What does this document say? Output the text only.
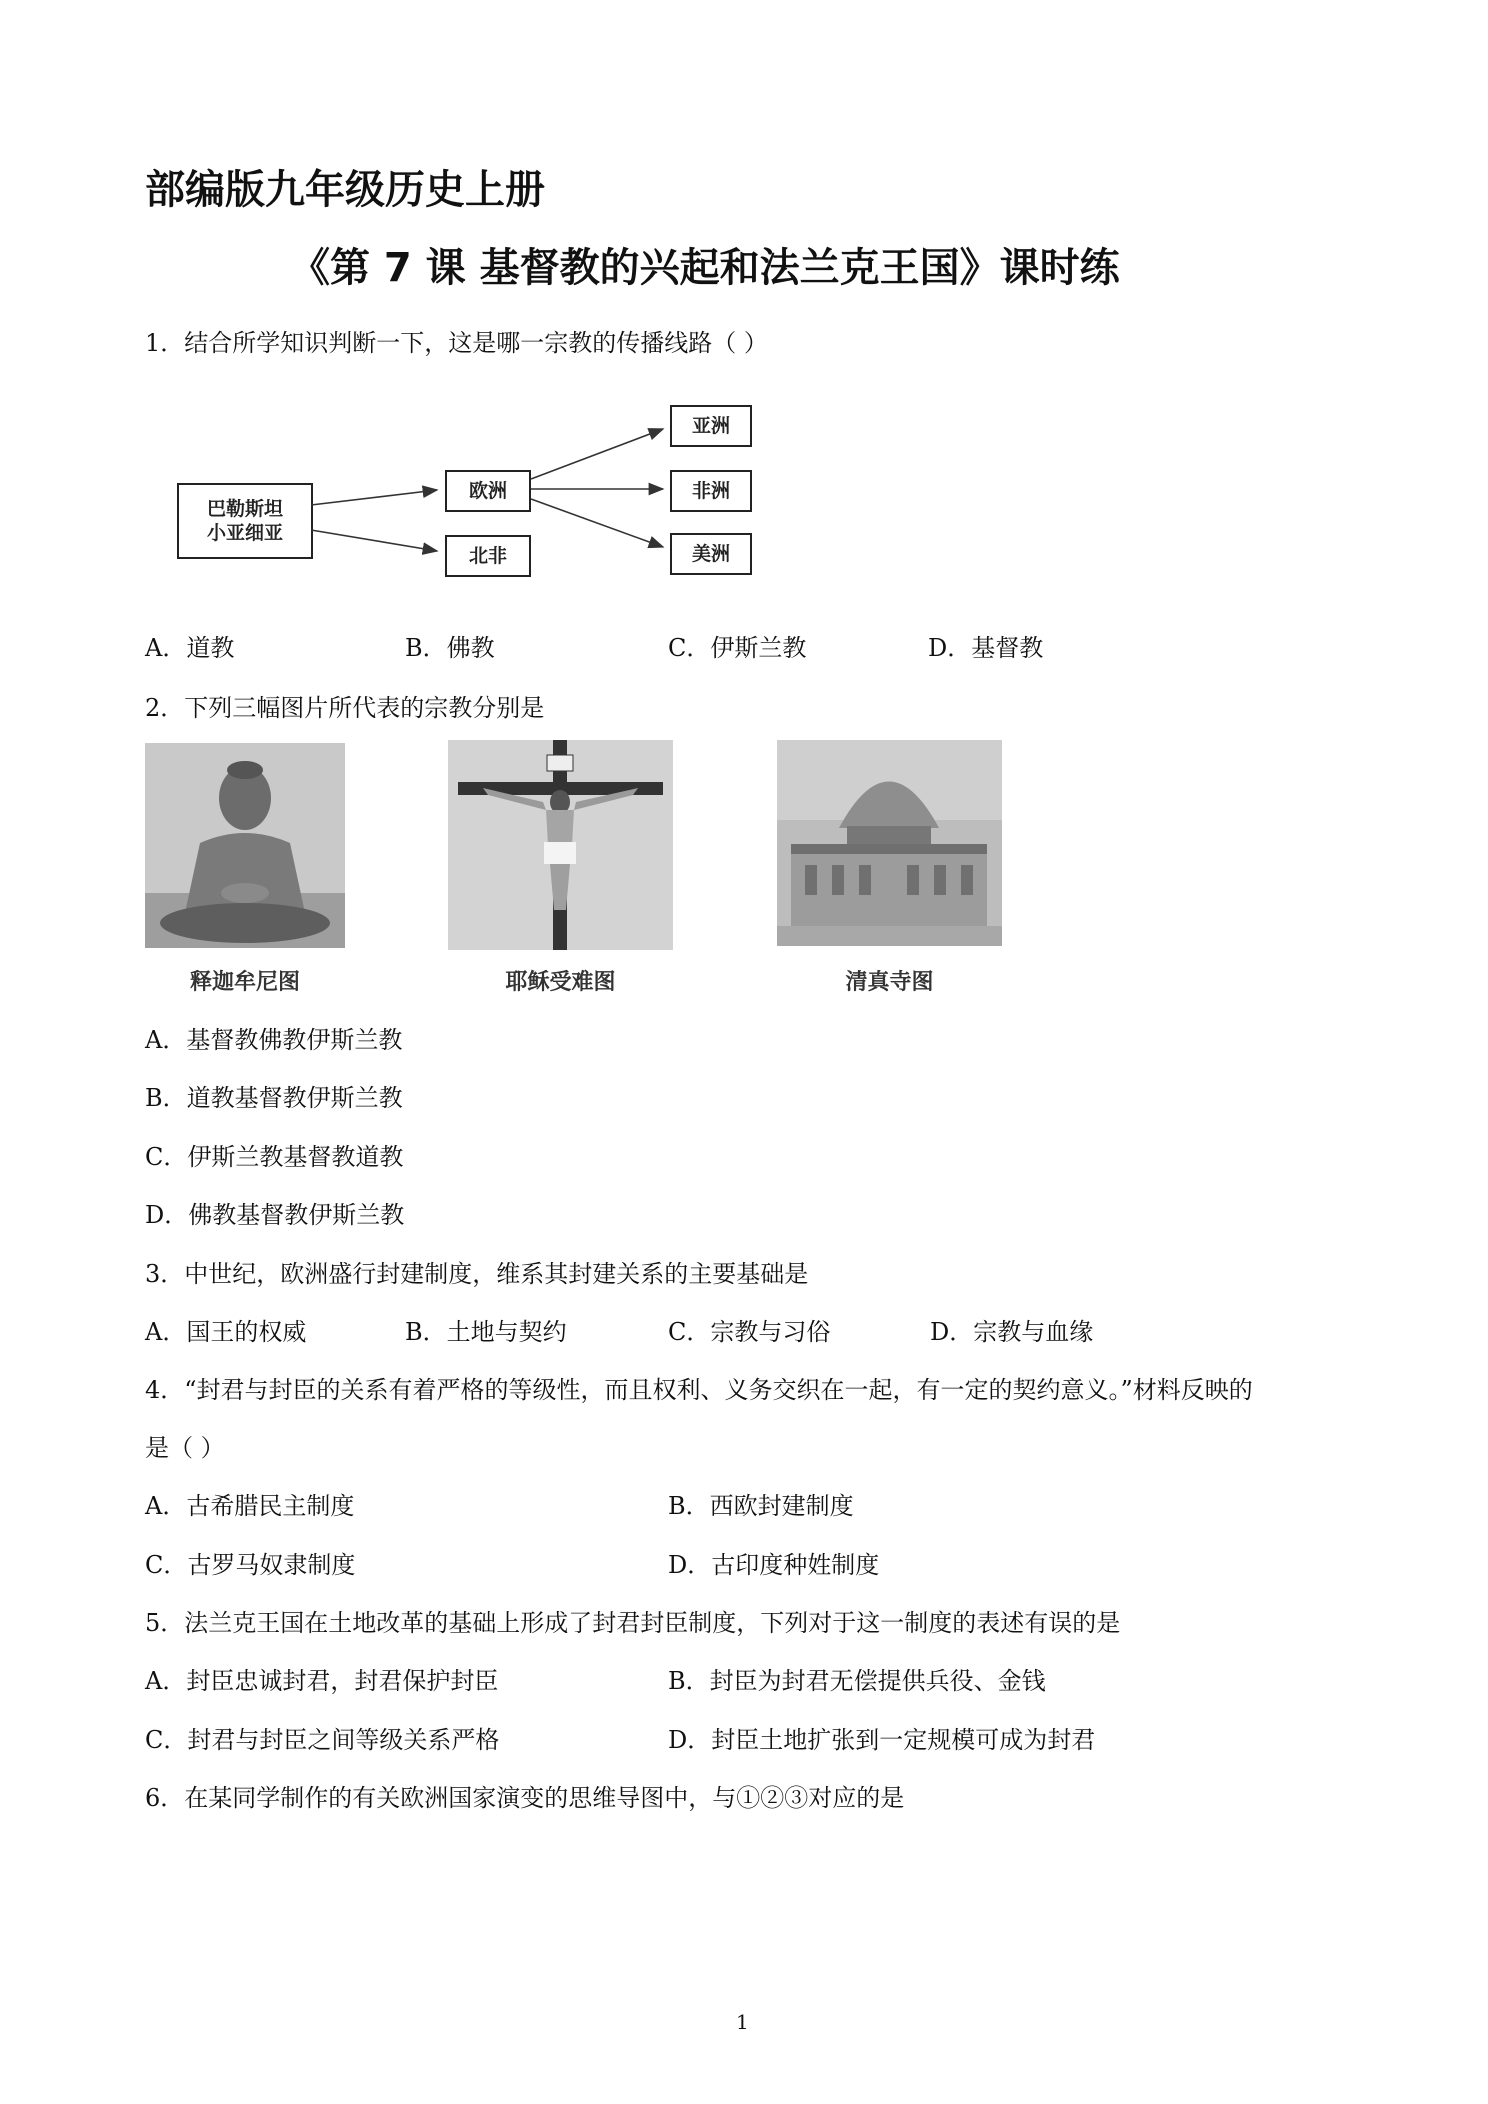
部编版九年级历史上册
《第 7 课 基督教的兴起和法兰克王国》课时练
1．结合所学知识判断一下，这是哪一宗教的传播线路（ ）
巴勒斯坦
小亚细亚
欧洲
北非
亚洲
非洲
美洲
A．道教	B．佛教	C．伊斯兰教	D．基督教
2．下列三幅图片所代表的宗教分别是
释迦牟尼图	耶稣受难图	清真寺图
A．基督教佛教伊斯兰教
B．道教基督教伊斯兰教
C．伊斯兰教基督教道教
D．佛教基督教伊斯兰教
3．中世纪，欧洲盛行封建制度，维系其封建关系的主要基础是
A．国王的权威	B．土地与契约	C．宗教与习俗	D．宗教与血缘
4．“封君与封臣的关系有着严格的等级性，而且权利、义务交织在一起，有一定的契约意义。”材料反映的
是（ ）
A．古希腊民主制度	B．西欧封建制度
C．古罗马奴隶制度	D．古印度种姓制度
5．法兰克王国在土地改革的基础上形成了封君封臣制度，下列对于这一制度的表述有误的是
A．封臣忠诚封君，封君保护封臣	B．封臣为封君无偿提供兵役、金钱
C．封君与封臣之间等级关系严格	D．封臣土地扩张到一定规模可成为封君
6．在某同学制作的有关欧洲国家演变的思维导图中，与①②③对应的是
1
